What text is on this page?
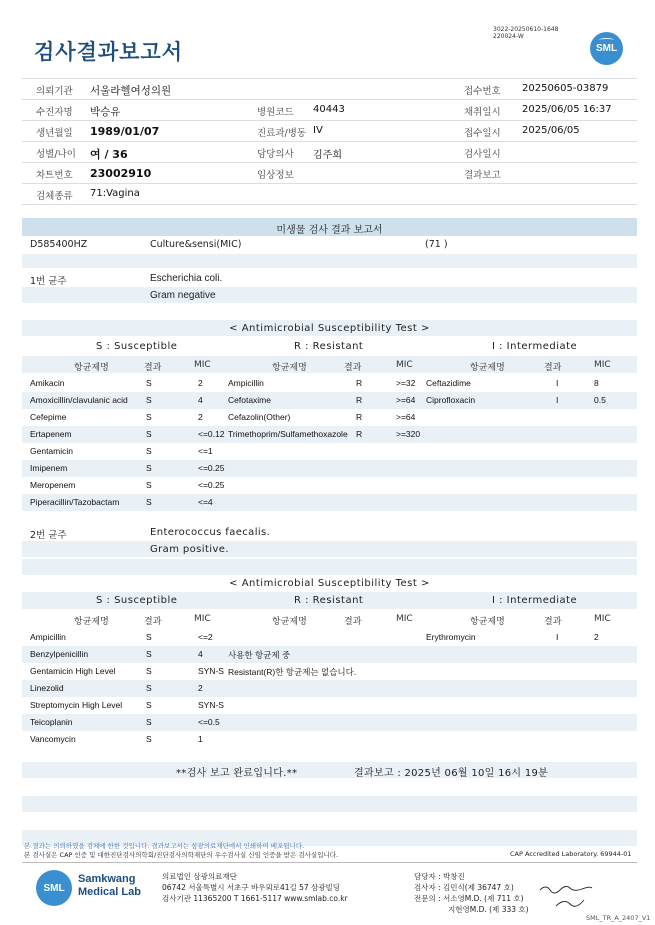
검사결과보고서
3022-20250610-1648
220024-W
SML
의뢰기관 서울라헬여성의원	접수번호 20250605-03879
수진자명 박승유	병원코드 40443	채취일시 2025/06/05 16:37
생년월일 1989/01/07	진료과/병동 IV	접수일시 2025/06/05
성별/나이 여 / 36	담당의사 김주희	검사일시
차트번호 23002910	임상정보	결과보고
검체종류 71:Vagina
미생물 검사 결과 보고서
D585400HZ	Culture&sensi(MIC)	(71 )
1번 균주	Escherichia coli.
Gram negative
< Antimicrobial Susceptibility Test >
S : Susceptible	R : Resistant	I : Intermediate
항균제명	결과	MIC	항균제명	결과	MIC	항균제명	결과	MIC
Amikacin	S	2	Ampicillin	R	>=32 Ceftazidime	I	8
Amoxicillin/clavulanic acid S	4	Cefotaxime	R	>=64 Ciprofloxacin	I	0.5
Cefepime	S	2	Cefazolin(Other)	R	>=64
Ertapenem	S	<=0.12 Trimethoprim/Sulfamethoxazole R	>=320
Gentamicin	S	<=1
Imipenem	S	<=0.25
Meropenem	S	<=0.25
Piperacillin/Tazobactam	S	<=4
2번 균주	Enterococcus faecalis.
Gram positive.
< Antimicrobial Susceptibility Test >
S : Susceptible	R : Resistant	I : Intermediate
항균제명	결과	MIC	항균제명	결과	MIC	항균제명	결과	MIC
Ampicillin	S	<=2	Erythromycin	I	2
Benzylpenicillin	S	4	사용한 항균제 중
Gentamicin High Level	S	SYN-S Resistant(R)한 항균제는 없습니다.
Linezolid	S	2
Streptomycin High Level	S	SYN-S
Teicoplanin	S	<=0.5
Vancomycin	S	1
**검사 보고 완료입니다.**	결과보고 : 2025년 06월 10일 16시 19분
본 결과는 의뢰하였을 검체에 한한 것입니다. 결과보고서는 삼광의료재단에서 인쇄하여 배포됩니다.
본 검사실은 CAP 인증 및 대한진단검사의학회/진단검사의학재단의 우수검사실 신임 인증을 받은 검사실입니다.	CAP Accredited Laboratory. 69944-01
SML
Samkwang
Medical Lab
의료법인 삼광의료재단
06742 서울특별시 서초구 바우뫼로41길 57 삼광빌딩
검사기관 11365200 T 1661-5117 www.smlab.co.kr
담당자 : 박창진
검사자 : 김민식(제 36747 호)
전문의 : 서소영M.D. (제 711 호)
지현영M.D. (제 333 호)
SML_TR_A_2407_V1
